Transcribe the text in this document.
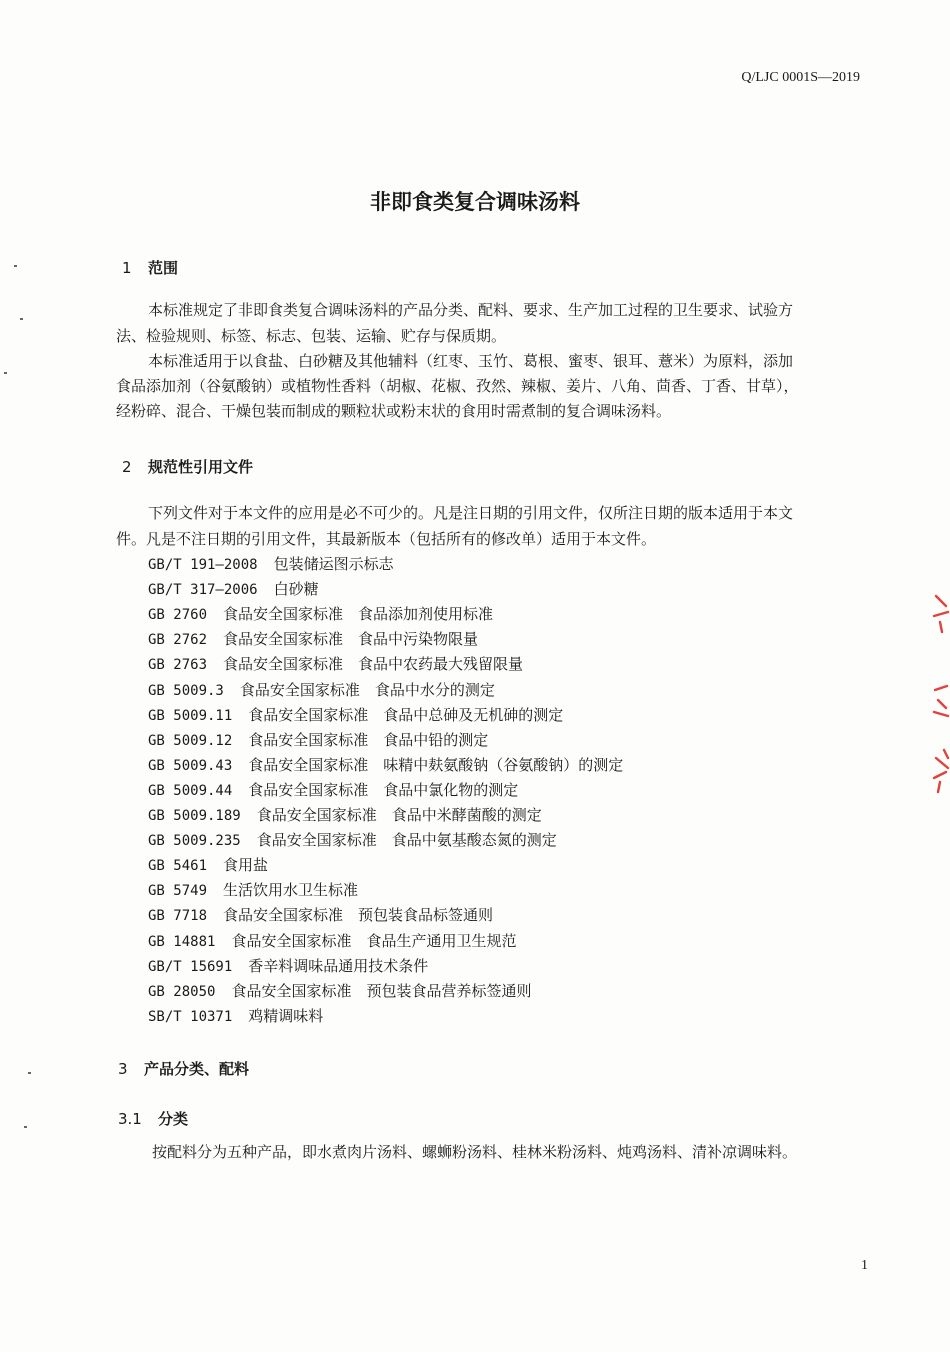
Q/LJC 0001S—2019
非即食类复合调味汤料
1 范围
本标准规定了非即食类复合调味汤料的产品分类、配料、要求、生产加工过程的卫生要求、试验方
法、检验规则、标签、标志、包装、运输、贮存与保质期。
本标准适用于以食盐、白砂糖及其他辅料（红枣、玉竹、葛根、蜜枣、银耳、薏米）为原料，添加
食品添加剂（谷氨酸钠）或植物性香料（胡椒、花椒、孜然、辣椒、姜片、八角、茴香、丁香、甘草），
经粉碎、混合、干燥包装而制成的颗粒状或粉末状的食用时需煮制的复合调味汤料。
2 规范性引用文件
下列文件对于本文件的应用是必不可少的。凡是注日期的引用文件，仅所注日期的版本适用于本文
件。凡是不注日期的引用文件，其最新版本（包括所有的修改单）适用于本文件。
GB/T 191—2008 包装储运图示标志
GB/T 317—2006 白砂糖
GB 2760 食品安全国家标准　食品添加剂使用标准
GB 2762 食品安全国家标准　食品中污染物限量
GB 2763 食品安全国家标准　食品中农药最大残留限量
GB 5009.3 食品安全国家标准　食品中水分的测定
GB 5009.11 食品安全国家标准　食品中总砷及无机砷的测定
GB 5009.12 食品安全国家标准　食品中铅的测定
GB 5009.43 食品安全国家标准　味精中麸氨酸钠（谷氨酸钠）的测定
GB 5009.44 食品安全国家标准　食品中氯化物的测定
GB 5009.189 食品安全国家标准　食品中米酵菌酸的测定
GB 5009.235 食品安全国家标准　食品中氨基酸态氮的测定
GB 5461 食用盐
GB 5749 生活饮用水卫生标准
GB 7718 食品安全国家标准　预包装食品标签通则
GB 14881 食品安全国家标准　食品生产通用卫生规范
GB/T 15691 香辛料调味品通用技术条件
GB 28050 食品安全国家标准　预包装食品营养标签通则
SB/T 10371 鸡精调味料
3 产品分类、配料
3.1 分类
按配料分为五种产品，即水煮肉片汤料、螺蛳粉汤料、桂林米粉汤料、炖鸡汤料、清补凉调味料。
1
